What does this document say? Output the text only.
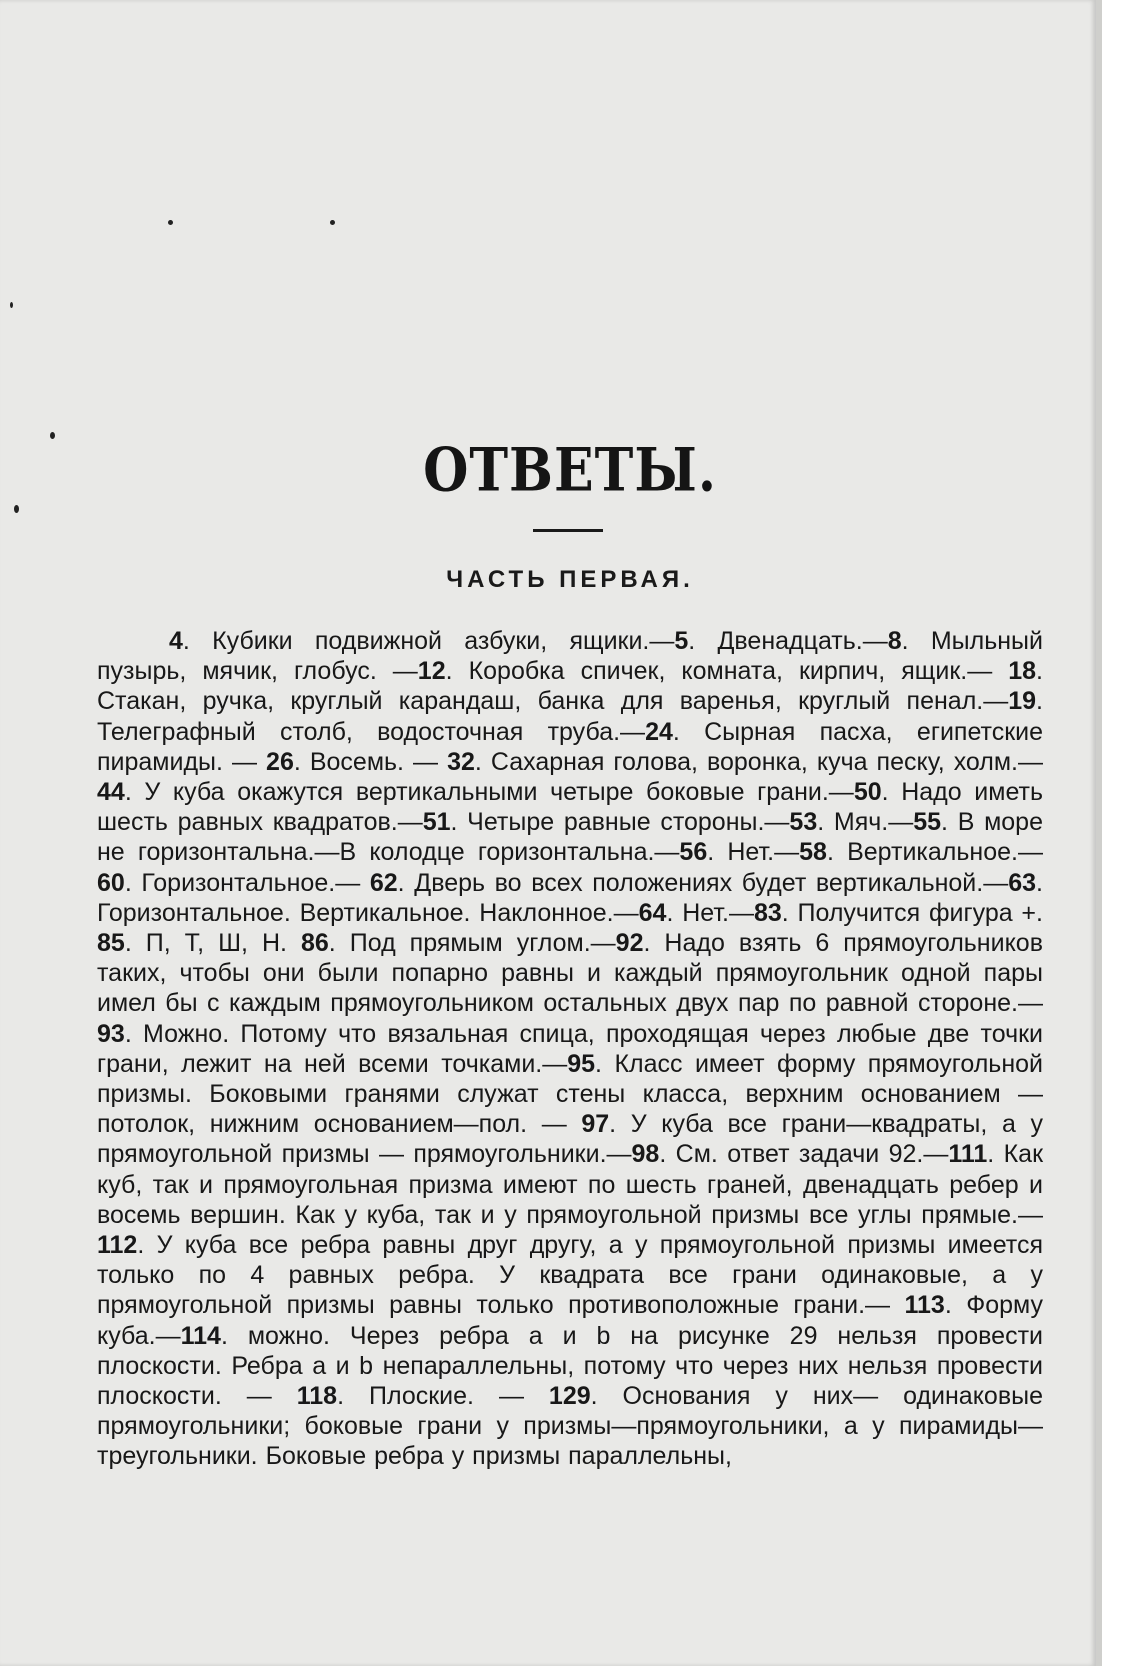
ОТВЕТЫ.
ЧАСТЬ ПЕРВАЯ.

4. Кубики подвижной азбуки, ящики.—5. Двенадцать.—8. Мыльный пузырь, мячик, глобус. —12. Коробка спичек, комната, кирпич, ящик.— 18. Стакан, ручка, круглый карандаш, банка для варенья, круглый пенал.—19. Телеграфный столб, водосточная труба.—24. Сырная пасха, египетские пирамиды. — 26. Восемь. — 32. Сахарная голова, воронка, куча песку, холм.—44. У куба окажутся вертикальными четыре боковые грани.—50. Надо иметь шесть равных квадратов.—51. Четыре равные стороны.—53. Мяч.—55. В море не горизонтальна.—В колодце горизонтальна.—56. Нет.—58. Вертикальное.—60. Горизонтальное.— 62. Дверь во всех положениях будет вертикальной.—63. Горизонтальное. Вертикальное. Наклонное.—64. Нет.—83. Получится фигура +. 85. П, Т, Ш, Н. 86. Под прямым углом.—92. Надо взять 6 прямоугольников таких, чтобы они были попарно равны и каждый прямоугольник одной пары имел бы с каждым прямоугольником остальных двух пар по равной стороне.—93. Можно. Потому что вязальная спица, проходящая через любые две точки грани, лежит на ней всеми точками.—95. Класс имеет форму прямоугольной призмы. Боковыми гранями служат стены класса, верхним основанием — потолок, нижним основанием—пол. — 97. У куба все грани—квадраты, а у прямоугольной призмы — прямоугольники.—98. См. ответ задачи 92.—111. Как куб, так и прямоугольная призма имеют по шесть граней, двенадцать ребер и восемь вершин. Как у куба, так и у прямоугольной призмы все углы прямые.—112. У куба все ребра равны друг другу, а у прямоугольной призмы имеется только по 4 равных ребра. У квадрата все грани одинаковые, а у прямоугольной призмы равны только противоположные грани.— 113. Форму куба.—114. можно. Через ребра a и b на рисунке 29 нельзя провести плоскости. Ребра a и b непараллельны, потому что через них нельзя провести плоскости. — 118. Плоские. — 129. Основания у них— одинаковые прямоугольники; боковые грани у призмы—прямоугольники, а у пирамиды—треугольники. Боковые ребра у призмы параллельны,
